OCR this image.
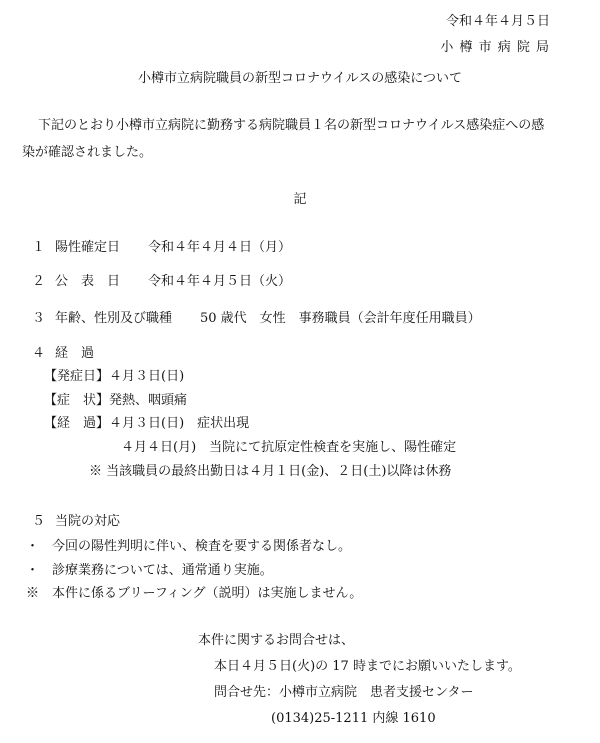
令和４年４月５日
小 樽 市 病 院 局
小樽市立病院職員の新型コロナウイルスの感染について
下記のとおり小樽市立病院に勤務する病院職員１名の新型コロナウイルス感染症への感
染が確認されました。
記
１ 陽性確定日 令和４年４月４日（月）
２ 公　表　日 令和４年４月５日（火）
３ 年齢、性別及び職種 50 歳代　女性　事務職員（会計年度任用職員）
４ 経　過
【発症日】４月３日(日)
【症　状】発熱、咽頭痛
【経　過】４月３日(日)　症状出現
４月４日(月)　当院にて抗原定性検査を実施し、陽性確定
※ 当該職員の最終出勤日は４月１日(金)、２日(土)以降は休務
５ 当院の対応
・　今回の陽性判明に伴い、検査を要する関係者なし。
・　診療業務については、通常通り実施。
※　本件に係るブリーフィング（説明）は実施しません。
本件に関するお問合せは、
本日４月５日(火)の 17 時までにお願いいたします。
問合せ先：小樽市立病院　患者支援センター
(0134)25-1211 内線 1610
